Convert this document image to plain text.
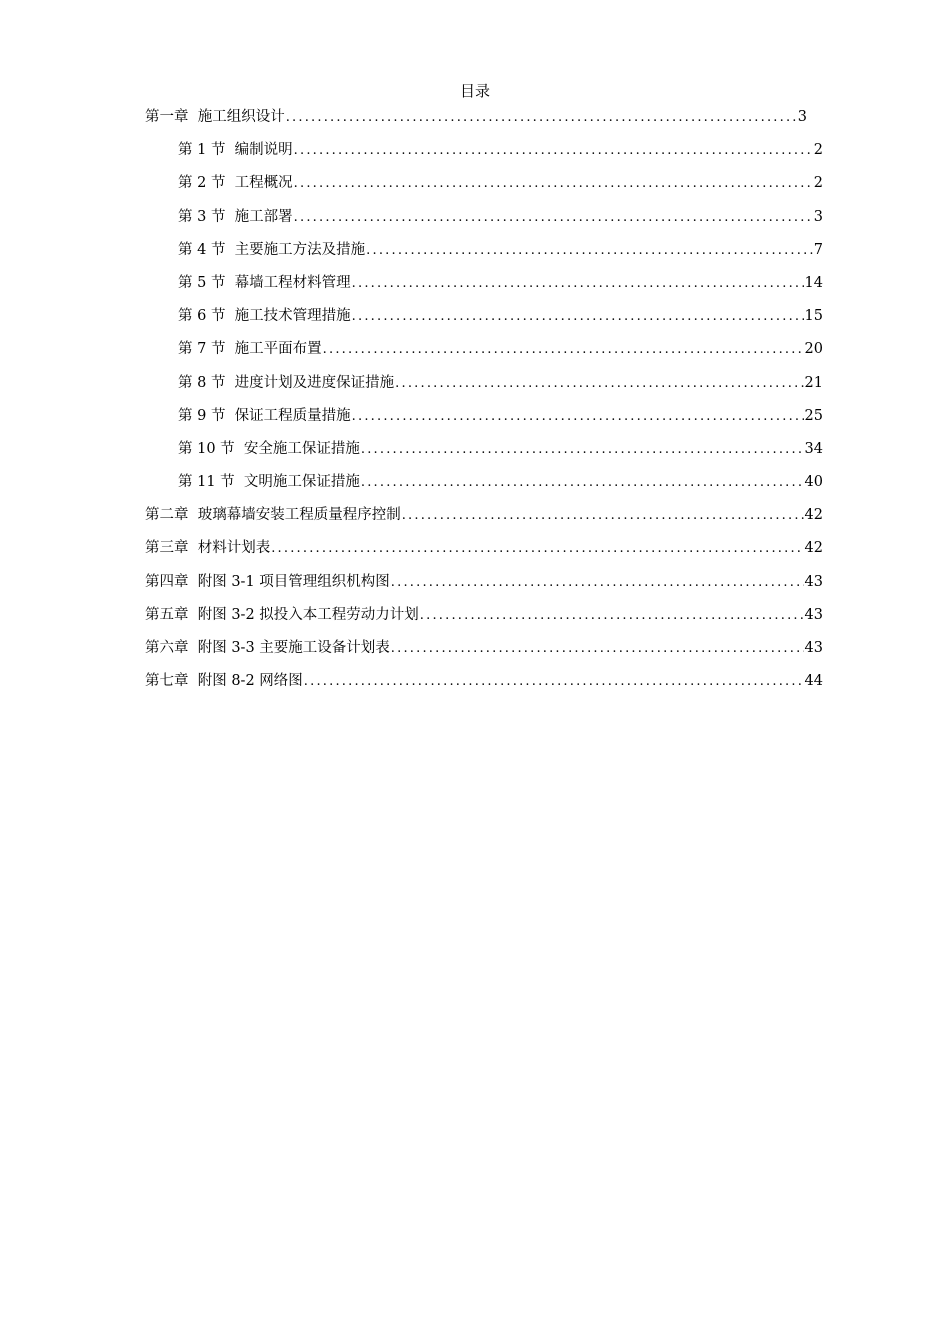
目录
第一章  施工组织设计 .....	3
第 1 节  编制说明 .....	2
第 2 节  工程概况 .....	2
第 3 节  施工部署 .....	3
第 4 节  主要施工方法及措施 .....	7
第 5 节  幕墙工程材料管理 .....	14
第 6 节  施工技术管理措施 .....	15
第 7 节  施工平面布置 .....	20
第 8 节  进度计划及进度保证措施 .....	21
第 9 节  保证工程质量措施 .....	25
第 10 节  安全施工保证措施 .....	34
第 11 节  文明施工保证措施 .....	40
第二章  玻璃幕墙安装工程质量程序控制 .....	42
第三章  材料计划表 .....	42
第四章  附图 3-1 项目管理组织机构图 .....	43
第五章  附图 3-2 拟投入本工程劳动力计划 .....	43
第六章  附图 3-3 主要施工设备计划表 .....	43
第七章  附图 8-2 网络图 .....	44
